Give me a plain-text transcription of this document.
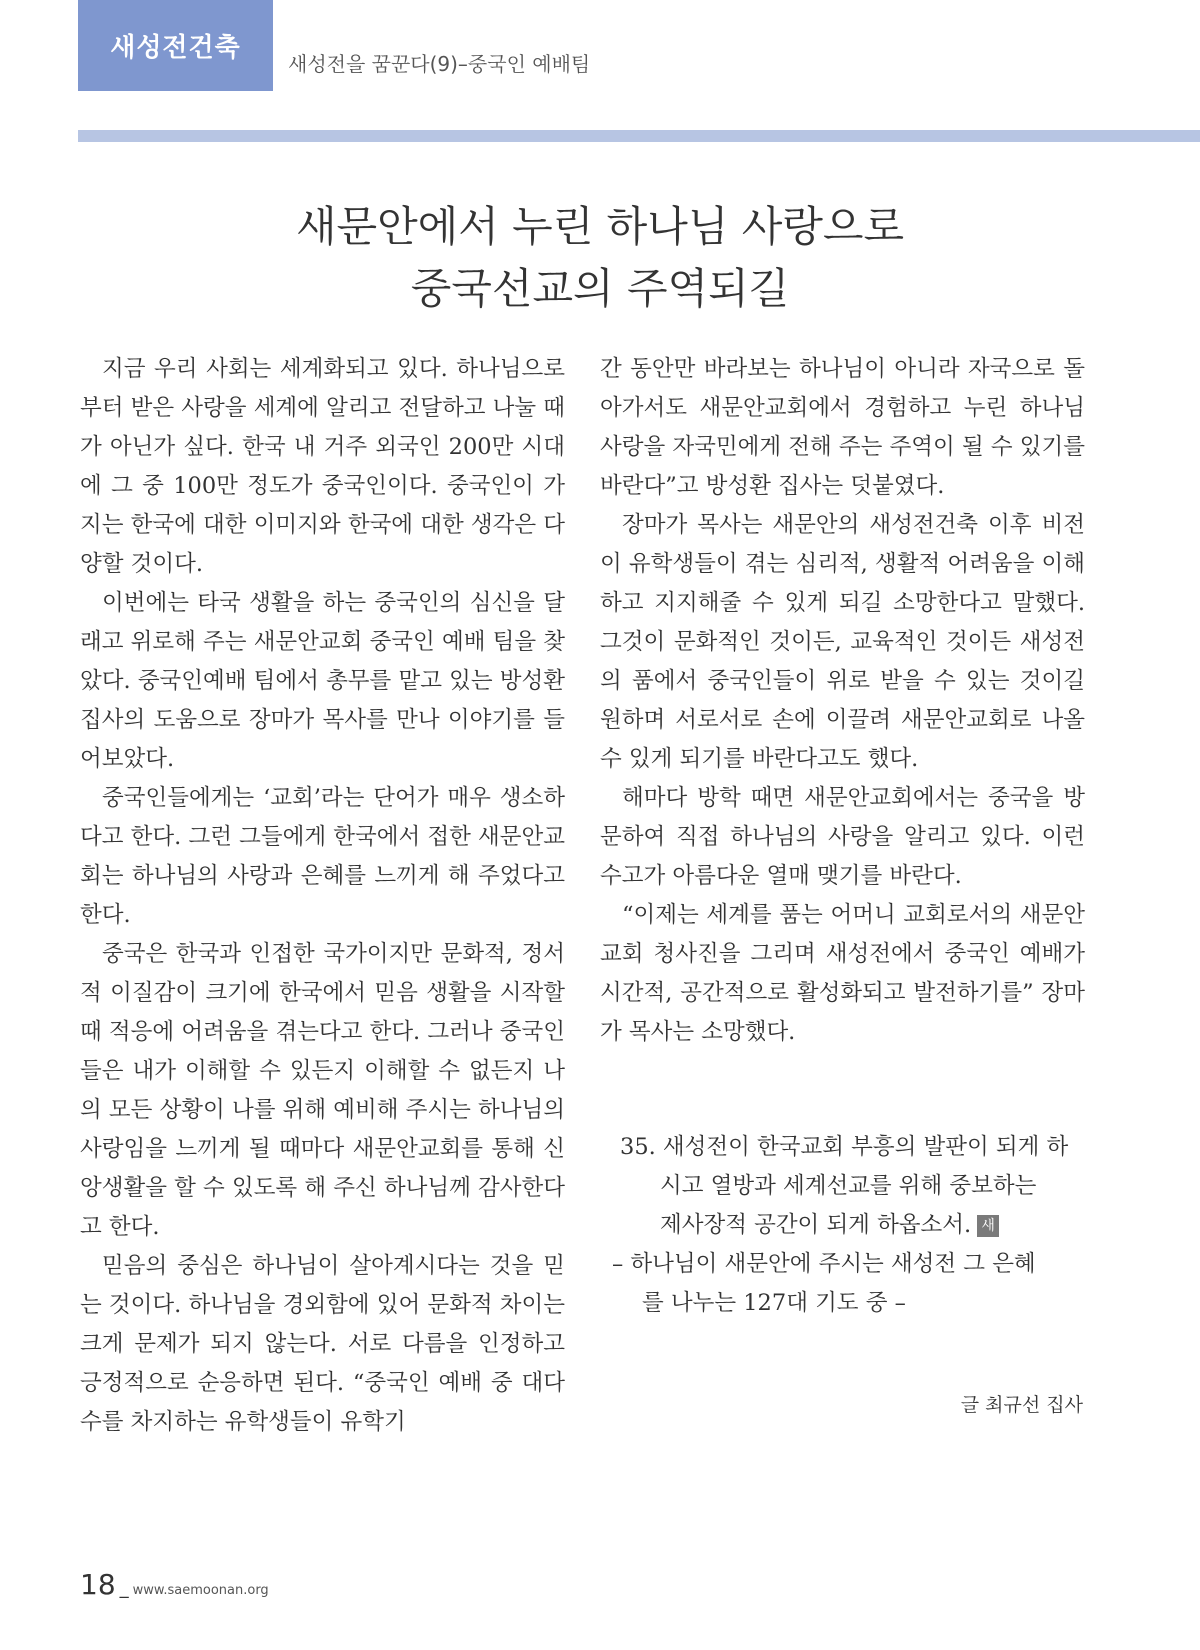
새성전건축
새성전을 꿈꾼다(9)–중국인 예배팀
새문안에서 누린 하나님 사랑으로
중국선교의 주역되길

지금 우리 사회는 세계화되고 있다. 하나님으로부터 받은 사랑을 세계에 알리고 전달하고 나눌 때가 아닌가 싶다. 한국 내 거주 외국인 200만 시대에 그 중 100만 정도가 중국인이다. 중국인이 가지는 한국에 대한 이미지와 한국에 대한 생각은 다양할 것이다.

이번에는 타국 생활을 하는 중국인의 심신을 달래고 위로해 주는 새문안교회 중국인 예배 팀을 찾았다. 중국인예배 팀에서 총무를 맡고 있는 방성환 집사의 도움으로 장마가 목사를 만나 이야기를 들어보았다.

중국인들에게는 ‘교회’라는 단어가 매우 생소하다고 한다. 그런 그들에게 한국에서 접한 새문안교회는 하나님의 사랑과 은혜를 느끼게 해 주었다고 한다.

중국은 한국과 인접한 국가이지만 문화적, 정서적 이질감이 크기에 한국에서 믿음 생활을 시작할 때 적응에 어려움을 겪는다고 한다. 그러나 중국인들은 내가 이해할 수 있든지 이해할 수 없든지 나의 모든 상황이 나를 위해 예비해 주시는 하나님의 사랑임을 느끼게 될 때마다 새문안교회를 통해 신앙생활을 할 수 있도록 해 주신 하나님께 감사한다고 한다.

믿음의 중심은 하나님이 살아계시다는 것을 믿는 것이다. 하나님을 경외함에 있어 문화적 차이는 크게 문제가 되지 않는다. 서로 다름을 인정하고 긍정적으로 순응하면 된다. “중국인 예배 중 대다수를 차지하는 유학생들이 유학기

간 동안만 바라보는 하나님이 아니라 자국으로 돌아가서도 새문안교회에서 경험하고 누린 하나님 사랑을 자국민에게 전해 주는 주역이 될 수 있기를 바란다”고 방성환 집사는 덧붙였다.

장마가 목사는 새문안의 새성전건축 이후 비전이 유학생들이 겪는 심리적, 생활적 어려움을 이해하고 지지해줄 수 있게 되길 소망한다고 말했다. 그것이 문화적인 것이든, 교육적인 것이든 새성전의 품에서 중국인들이 위로 받을 수 있는 것이길 원하며 서로서로 손에 이끌려 새문안교회로 나올 수 있게 되기를 바란다고도 했다.

해마다 방학 때면 새문안교회에서는 중국을 방문하여 직접 하나님의 사랑을 알리고 있다. 이런 수고가 아름다운 열매 맺기를 바란다.

“이제는 세계를 품는 어머니 교회로서의 새문안교회 청사진을 그리며 새성전에서 중국인 예배가 시간적, 공간적으로 활성화되고 발전하기를” 장마가 목사는 소망했다.

35. 새성전이 한국교회 부흥의 발판이 되게 하
시고 열방과 세계선교를 위해 중보하는
제사장적 공간이 되게 하옵소서. 새
– 하나님이 새문안에 주시는 새성전 그 은혜
를 나누는 127대 기도 중 –
글 최규선 집사
18 _ www.saemoonan.org
